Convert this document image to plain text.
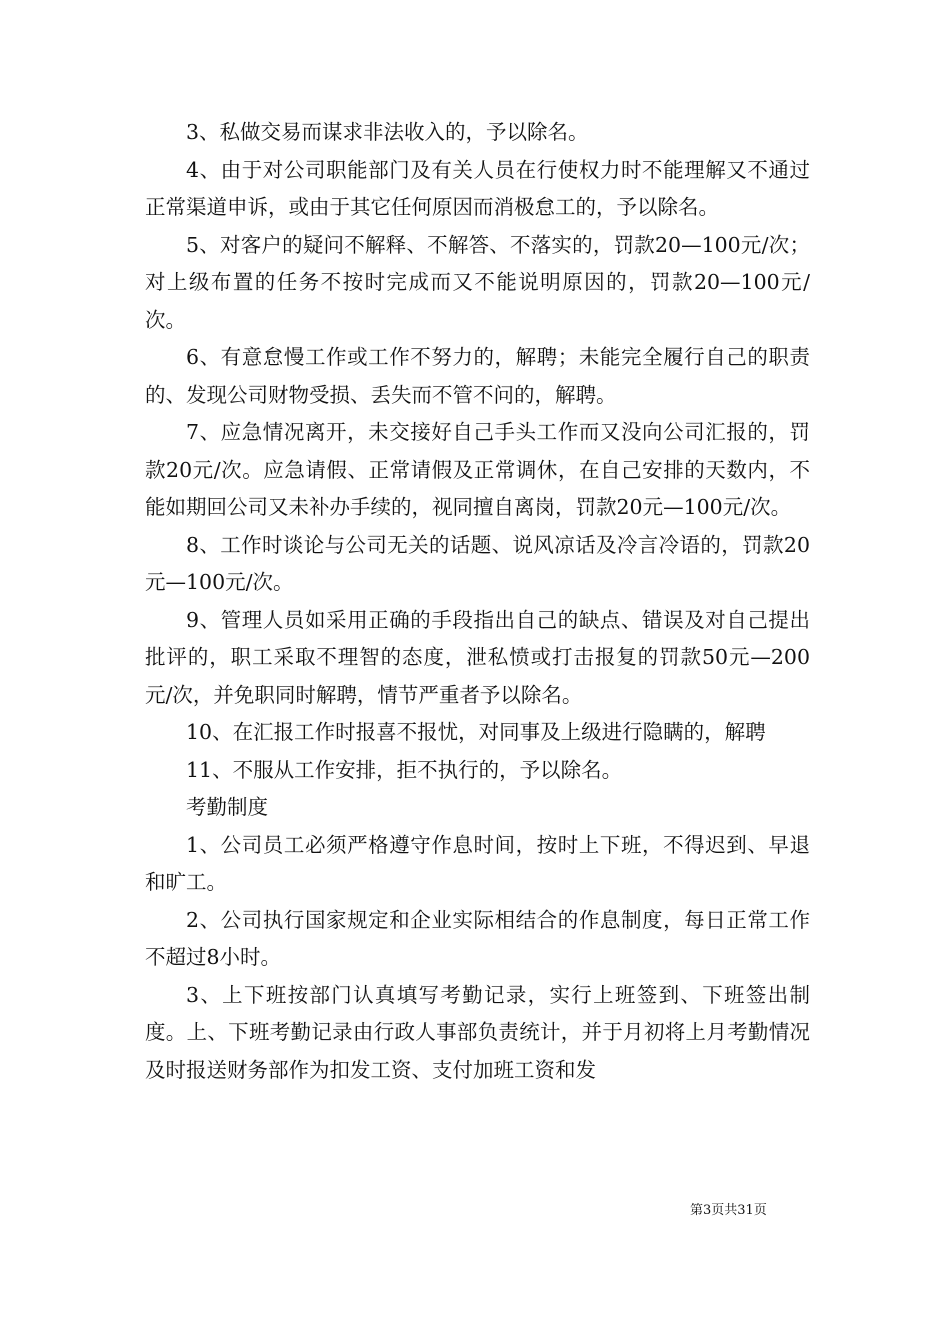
3、私做交易而谋求非法收入的，予以除名。

4、由于对公司职能部门及有关人员在行使权力时不能理解又不通过正常渠道申诉，或由于其它任何原因而消极怠工的，予以除名。

5、对客户的疑问不解释、不解答、不落实的，罚款20—100元/次；对上级布置的任务不按时完成而又不能说明原因的，罚款20—100元/次。

6、有意怠慢工作或工作不努力的，解聘；未能完全履行自己的职责的、发现公司财物受损、丢失而不管不问的，解聘。

7、应急情况离开，未交接好自己手头工作而又没向公司汇报的，罚款20元/次。应急请假、正常请假及正常调休，在自己安排的天数内，不能如期回公司又未补办手续的，视同擅自离岗，罚款20元—100元/次。

8、工作时谈论与公司无关的话题、说风凉话及冷言冷语的，罚款20元—100元/次。

9、管理人员如采用正确的手段指出自己的缺点、错误及对自己提出批评的，职工采取不理智的态度，泄私愤或打击报复的罚款50元—200元/次，并免职同时解聘，情节严重者予以除名。

10、在汇报工作时报喜不报忧，对同事及上级进行隐瞒的，解聘

11、不服从工作安排，拒不执行的，予以除名。

考勤制度

1、公司员工必须严格遵守作息时间，按时上下班，不得迟到、早退和旷工。

2、公司执行国家规定和企业实际相结合的作息制度，每日正常工作不超过8小时。

3、上下班按部门认真填写考勤记录，实行上班签到、下班签出制度。上、下班考勤记录由行政人事部负责统计，并于月初将上月考勤情况及时报送财务部作为扣发工资、支付加班工资和发

第3页共31页
